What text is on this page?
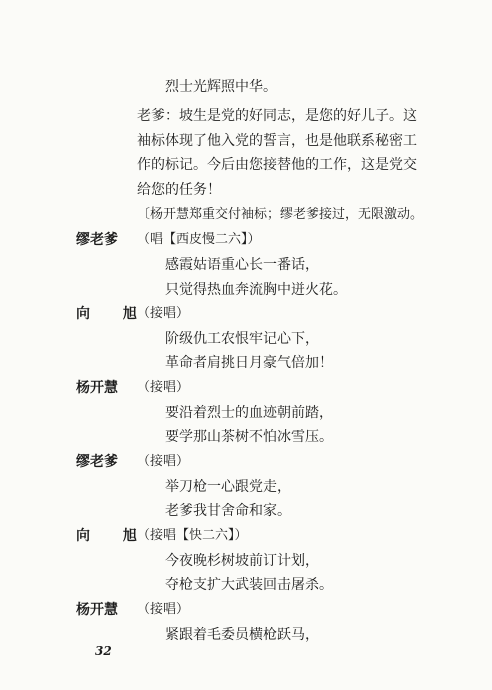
烈士光辉照中华。
老爹：坡生是党的好同志，是您的好儿子。这
袖标体现了他入党的誓言，也是他联系秘密工
作的标记。今后由您接替他的工作，这是党交
给您的任务！
〔杨开慧郑重交付袖标；缪老爹接过，无限激动。
缪老爹 （唱【西皮慢二六】）
感霞姑语重心长一番话，
只觉得热血奔流胸中迸火花。
向 旭
（接唱）
阶级仇工农恨牢记心下，
革命者肩挑日月豪气倍加！
杨开慧 （接唱）
要沿着烈士的血迹朝前踏，
要学那山茶树不怕冰雪压。
缪老爹 （接唱）
举刀枪一心跟党走，
老爹我甘舍命和家。
向 旭
（接唱【快二六】）
今夜晚杉树坡前订计划，
夺枪支扩大武装回击屠杀。
杨开慧 （接唱）
紧跟着毛委员横枪跃马，
32
